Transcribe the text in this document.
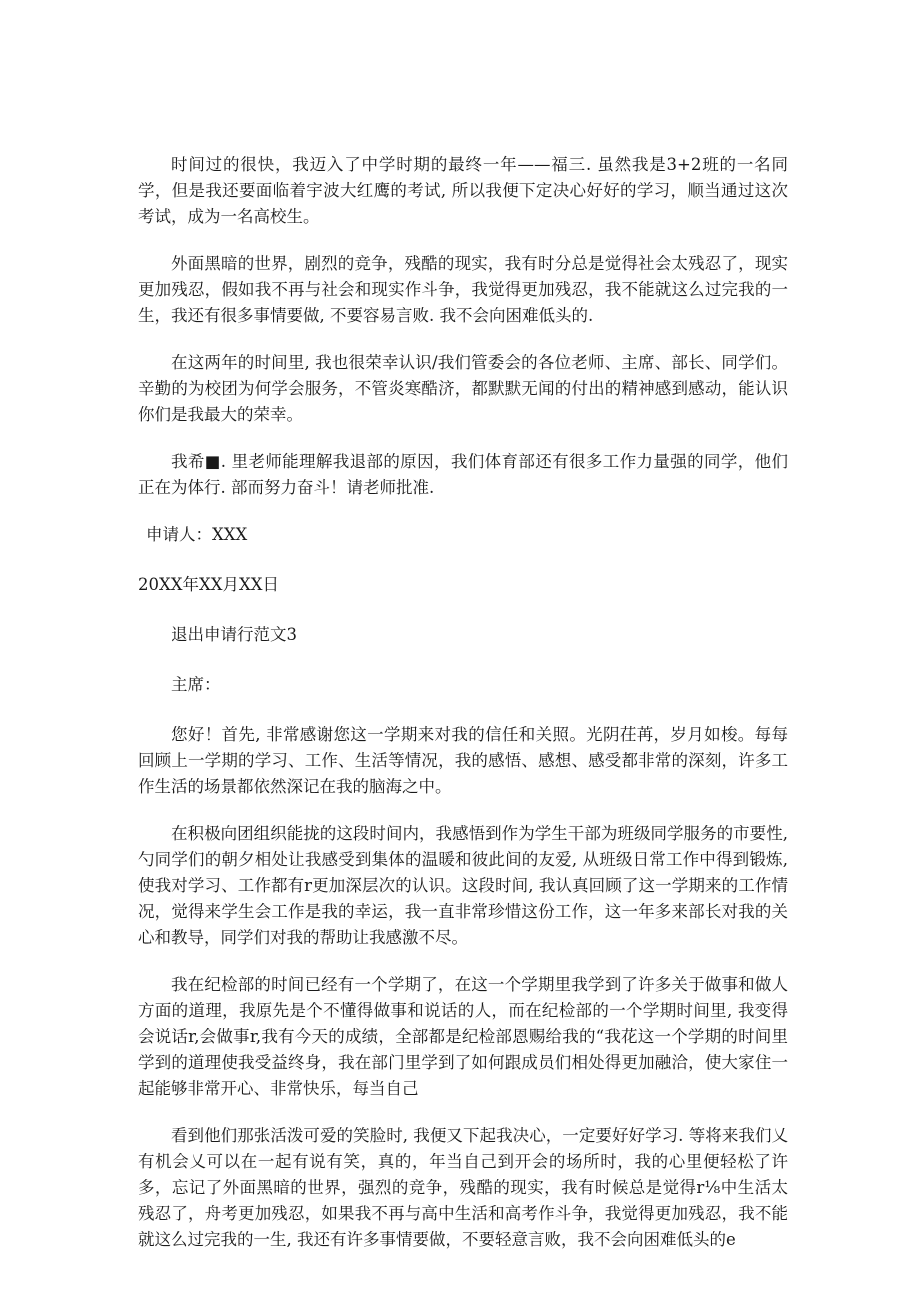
时间过的很快，我迈入了中学时期的最终一年——福三. 虽然我是3+2班的一名同学，但是我还要面临着宇波大红鹰的考试, 所以我便下定决心好好的学习，顺当通过这次考试，成为一名高校生。

外面黑暗的世界，剧烈的竞争，残酷的现实，我有时分总是觉得社会太残忍了，现实更加残忍，假如我不再与社会和现实作斗争，我觉得更加残忍，我不能就这么过完我的一生，我还有很多事情要做, 不要容易言败. 我不会向困难低头的.

在这两年的时间里, 我也很荣幸认识/我们管委会的各位老师、主席、部长、同学们。辛勤的为校团为何学会服务，不管炎寒酷济，都默默无闻的付出的精神感到感动，能认识你们是我最大的荣幸。

我希■. 里老师能理解我退部的原因，我们体育部还有很多工作力量强的同学，他们正在为体行. 部而努力奋斗！请老师批准.

申请人：XXX

20XX年XX月XX日

退出申请行范文3

主席：

您好！首先, 非常感谢您这一学期来对我的信任和关照。光阴茌苒，岁月如梭。每每回顾上一学期的学习、工作、生活等情况，我的感悟、感想、感受都非常的深刻，许多工作生活的场景都依然深记在我的脑海之中。

在积极向团组织能拢的这段时间内，我感悟到作为学生干部为班级同学服务的市要性, 勺同学们的朝夕相处让我感受到集体的温暖和彼此间的友爱, 从班级日常工作中得到锻炼, 使我对学习、工作都有r更加深层次的认识。这段时间, 我认真回顾了这一学期来的工作情况，觉得来学生会工作是我的幸运，我一直非常珍惜这份工作，这一年多来部长对我的关心和教导，同学们对我的帮助让我感激不尽。

我在纪检部的时间已经有一个学期了，在这一个学期里我学到了许多关于做事和做人方面的道理，我原先是个不懂得做事和说话的人，而在纪检部的一个学期时间里, 我变得会说话r,会做事r,我有今天的成绩，全部都是纪检部恩赐给我的“我花这一个学期的时间里学到的道理使我受益终身，我在部门里学到了如何跟成员们相处得更加融洽，使大家住一起能够非常开心、非常快乐，每当自己

看到他们那张活泼可爱的笑脸时, 我便又下起我决心，一定要好好学习. 等将来我们乂有机会乂可以在一起有说有笑，真的，年当自己到开会的场所时，我的心里便轻松了许多，忘记了外面黑暗的世界，强烈的竞争，残酷的现实，我有时候总是觉得r⅛中生活太残忍了，舟考更加残忍，如果我不再与高中生活和高考作斗争，我觉得更加残忍，我不能就这么过完我的一生, 我还有许多事情要做，不要轻意言败，我不会向困难低头的e
